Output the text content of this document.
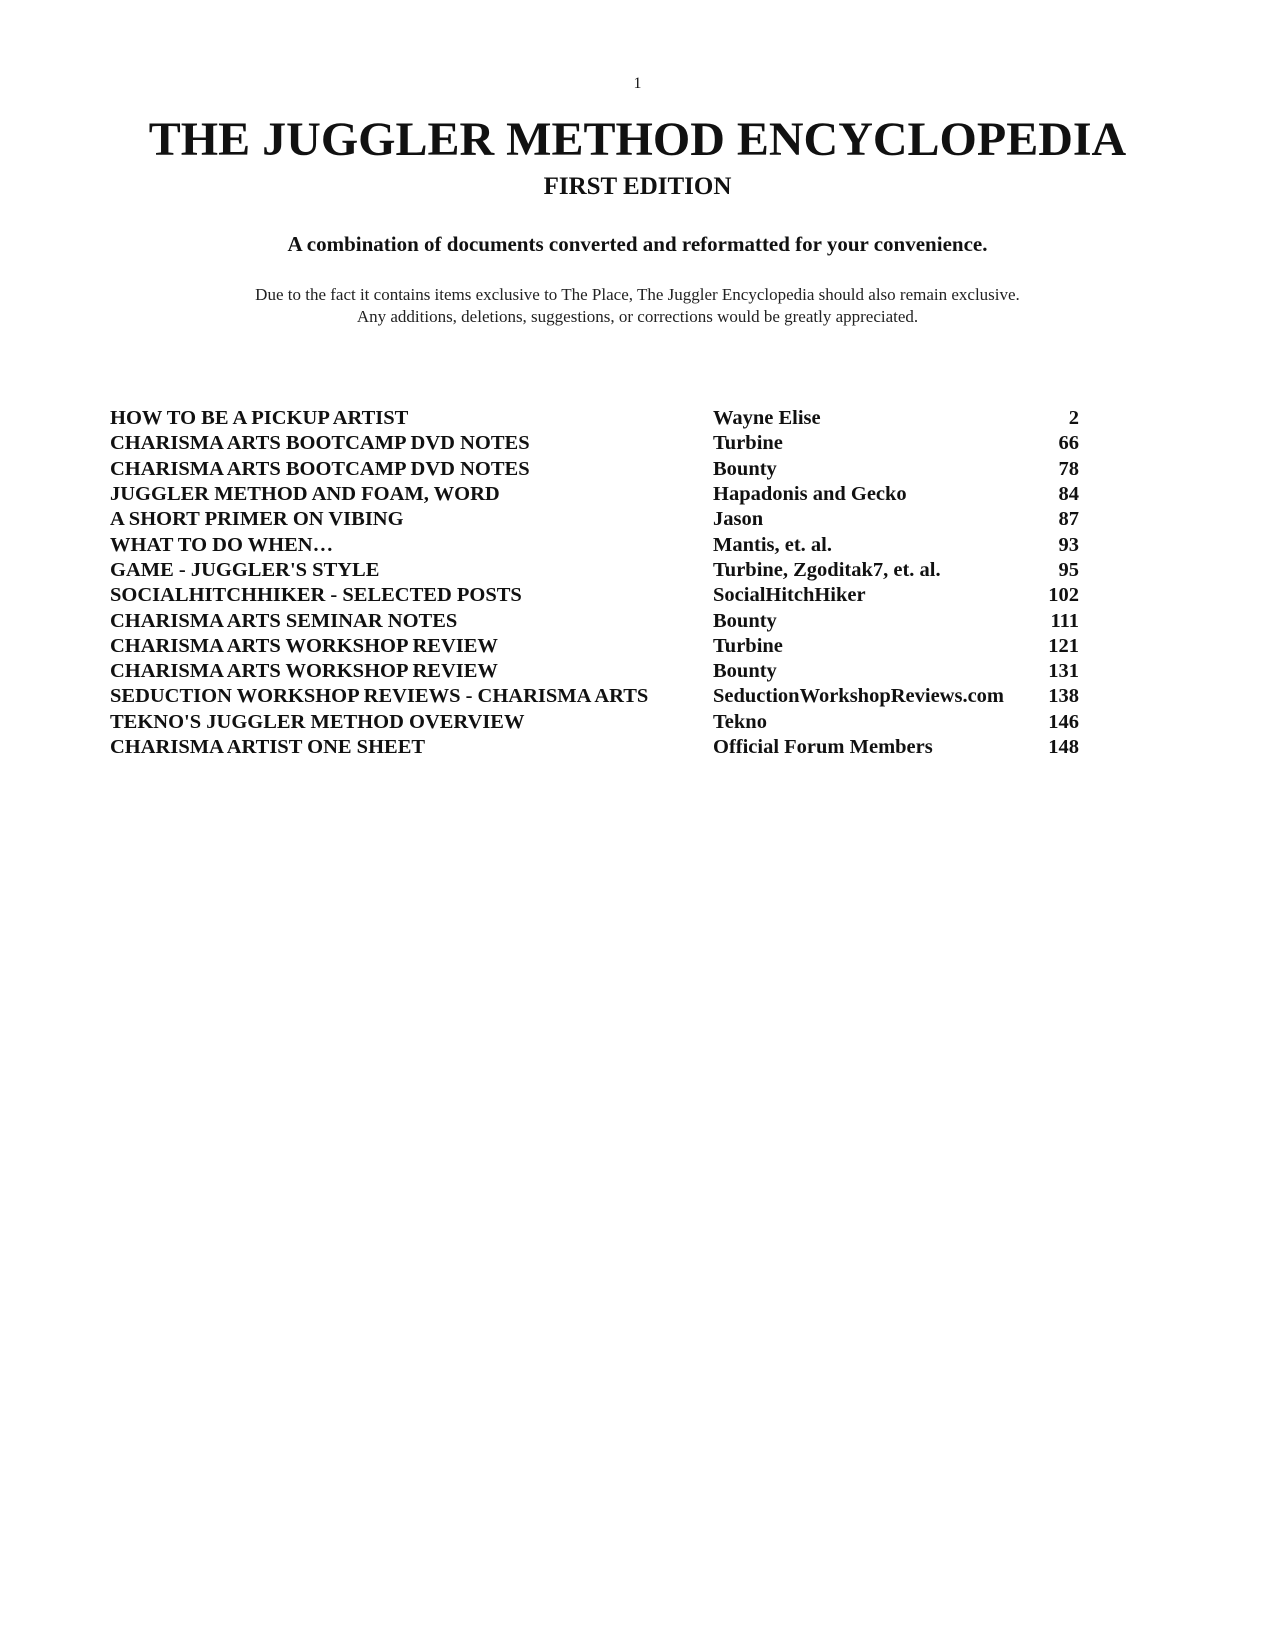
1
THE JUGGLER METHOD ENCYCLOPEDIA
FIRST EDITION
A combination of documents converted and reformatted for your convenience.
Due to the fact it contains items exclusive to The Place, The Juggler Encyclopedia should also remain exclusive.
Any additions, deletions, suggestions, or corrections would be greatly appreciated.
HOW TO BE A PICKUP ARTIST	Wayne Elise	2
CHARISMA ARTS BOOTCAMP DVD NOTES	Turbine	66
CHARISMA ARTS BOOTCAMP DVD NOTES	Bounty	78
JUGGLER METHOD AND FOAM, WORD	Hapadonis and Gecko	84
A SHORT PRIMER ON VIBING	Jason	87
WHAT TO DO WHEN…	Mantis, et. al.	93
GAME - JUGGLER'S STYLE	Turbine, Zgoditak7, et. al.	95
SOCIALHITCHHIKER - SELECTED POSTS	SocialHitchHiker	102
CHARISMA ARTS SEMINAR NOTES	Bounty	111
CHARISMA ARTS WORKSHOP REVIEW	Turbine	121
CHARISMA ARTS WORKSHOP REVIEW	Bounty	131
SEDUCTION WORKSHOP REVIEWS - CHARISMA ARTS	SeductionWorkshopReviews.com	138
TEKNO'S JUGGLER METHOD OVERVIEW	Tekno	146
CHARISMA ARTIST ONE SHEET	Official Forum Members	148
